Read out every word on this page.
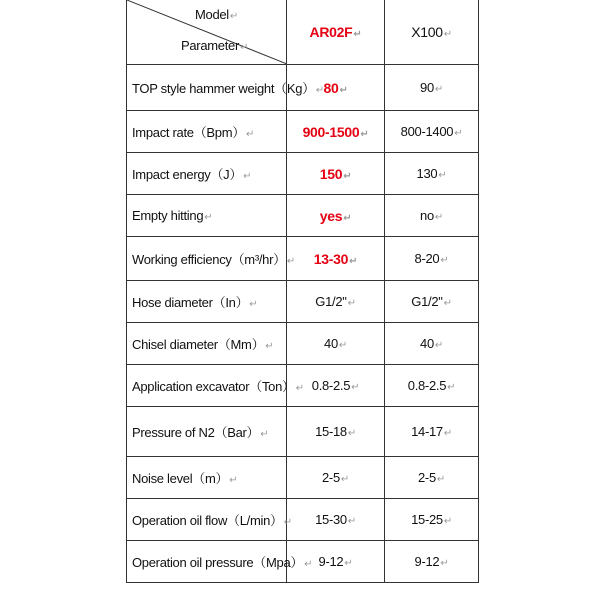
Model↵
Parameter↵	AR02F↵	X100↵
TOP style hammer weight（Kg）↵	80↵	90↵
Impact rate（Bpm）↵	900-1500↵	800-1400↵
Impact energy（J）↵	150↵	130↵
Empty hitting↵	yes↵	no↵
Working efficiency（m³/hr）↵	13-30↵	8-20↵
Hose diameter（In）↵	G1/2"↵	G1/2"↵
Chisel diameter（Mm）↵	40↵	40↵
Application excavator（Ton）↵	0.8-2.5↵	0.8-2.5↵
Pressure of N2（Bar）↵	15-18↵	14-17↵
Noise level（m）↵	2-5↵	2-5↵
Operation oil flow（L/min）↵	15-30↵	15-25↵
Operation oil pressure（Mpa）↵	9-12↵	9-12↵
